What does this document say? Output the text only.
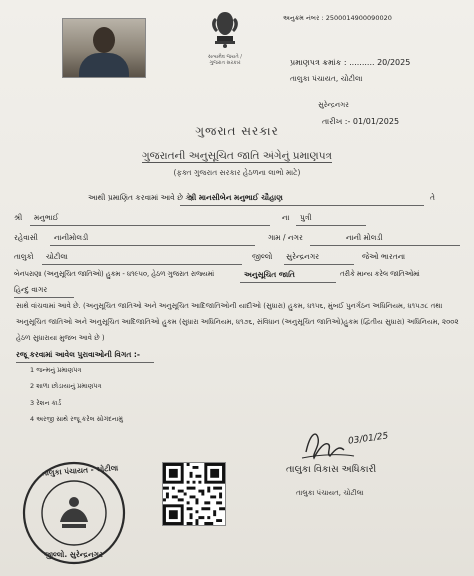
સત્યમેવ જયતે / ગુજરાત સરકાર
અનુક્રમ નંબર : 2500014900090020
પ્રમાણપત્ર ક્રમાંક : .......... 20/2025
તાલુકા પંચાયત, ચોટીલા
સુરેન્દ્રનગર
તારીખ :- 01/01/2025
ગુજરાત સરકાર
ગુજરાતની અનુસૂચિત જાતિ અંગેનું પ્રમાણપત્ર
(ફક્ત ગુજરાત સરકાર હેઠળના લાભો માટે)
આથી પ્રમાણિત કરવામાં આવે છે કે,
શ્રી માનસીબેન મનુભાઈ ચૌહાણ	તે
શ્રી મનુભાઈ	ના પુત્રી
રહેવાસી નાનીમોલડી	ગામ / નગર	નાની મોલડી
તાલુકો ચોટીલા	જીલ્લો સુરેન્દ્રનગર	જેઓ ભારતના
બેનપરાણા (અનુસૂચિત જાતિઓ) હુકમ - ધ૧૯૫૦, હેઠળ ગુજરાત રાજ્યમાં	અનુસૂચિત જાતિ	તરીકે માન્ય કરેલ જાતિઓમાં
હિન્દુ વાગર
સાથે વાંચવામાં આવે છે. (અનુસૂચિત જાતિઓ અને અનુસૂચિત આદિજાતિઓની યાદીઓ (સુધારા) હુકમ, ધ૧૫૬, મુંબઈ પુનર્ગઠન અધિનિયમ, ધ૧૫૭૮ તથા અનુસૂચિત જાતિઓ અને અનુસૂચિત આદિજાતિઓ હુકમ (સુધારા અધિનિયમ, ધ૧૭૬, સંવિધાન (અનુસૂચિત જાતિઓ)હુકમ (દ્વિતીય સુધારા) અધિનિયમ, ૨૦૦૨ હેઠળ સુધારાયા મુજબ આવે છે )
રજૂ કરવામાં આવેલ પુરાવાઓની વિગત :-
1 જન્મનું પ્રમાણપત્ર
2 શાળા છોડાયાનું પ્રમાણપત્ર
3 રેશન કાર્ડ
4 અરજી સાથે રજૂ કરેલ સોગંદનામું
03/01/25
તાલુકા વિકાસ અધિકારી
તાલુકા પંચાયત, ચોટીલા
તાલુકા પંચાયત - ચોટીલા
જીલ્લો. સુરેન્દ્રનગર
